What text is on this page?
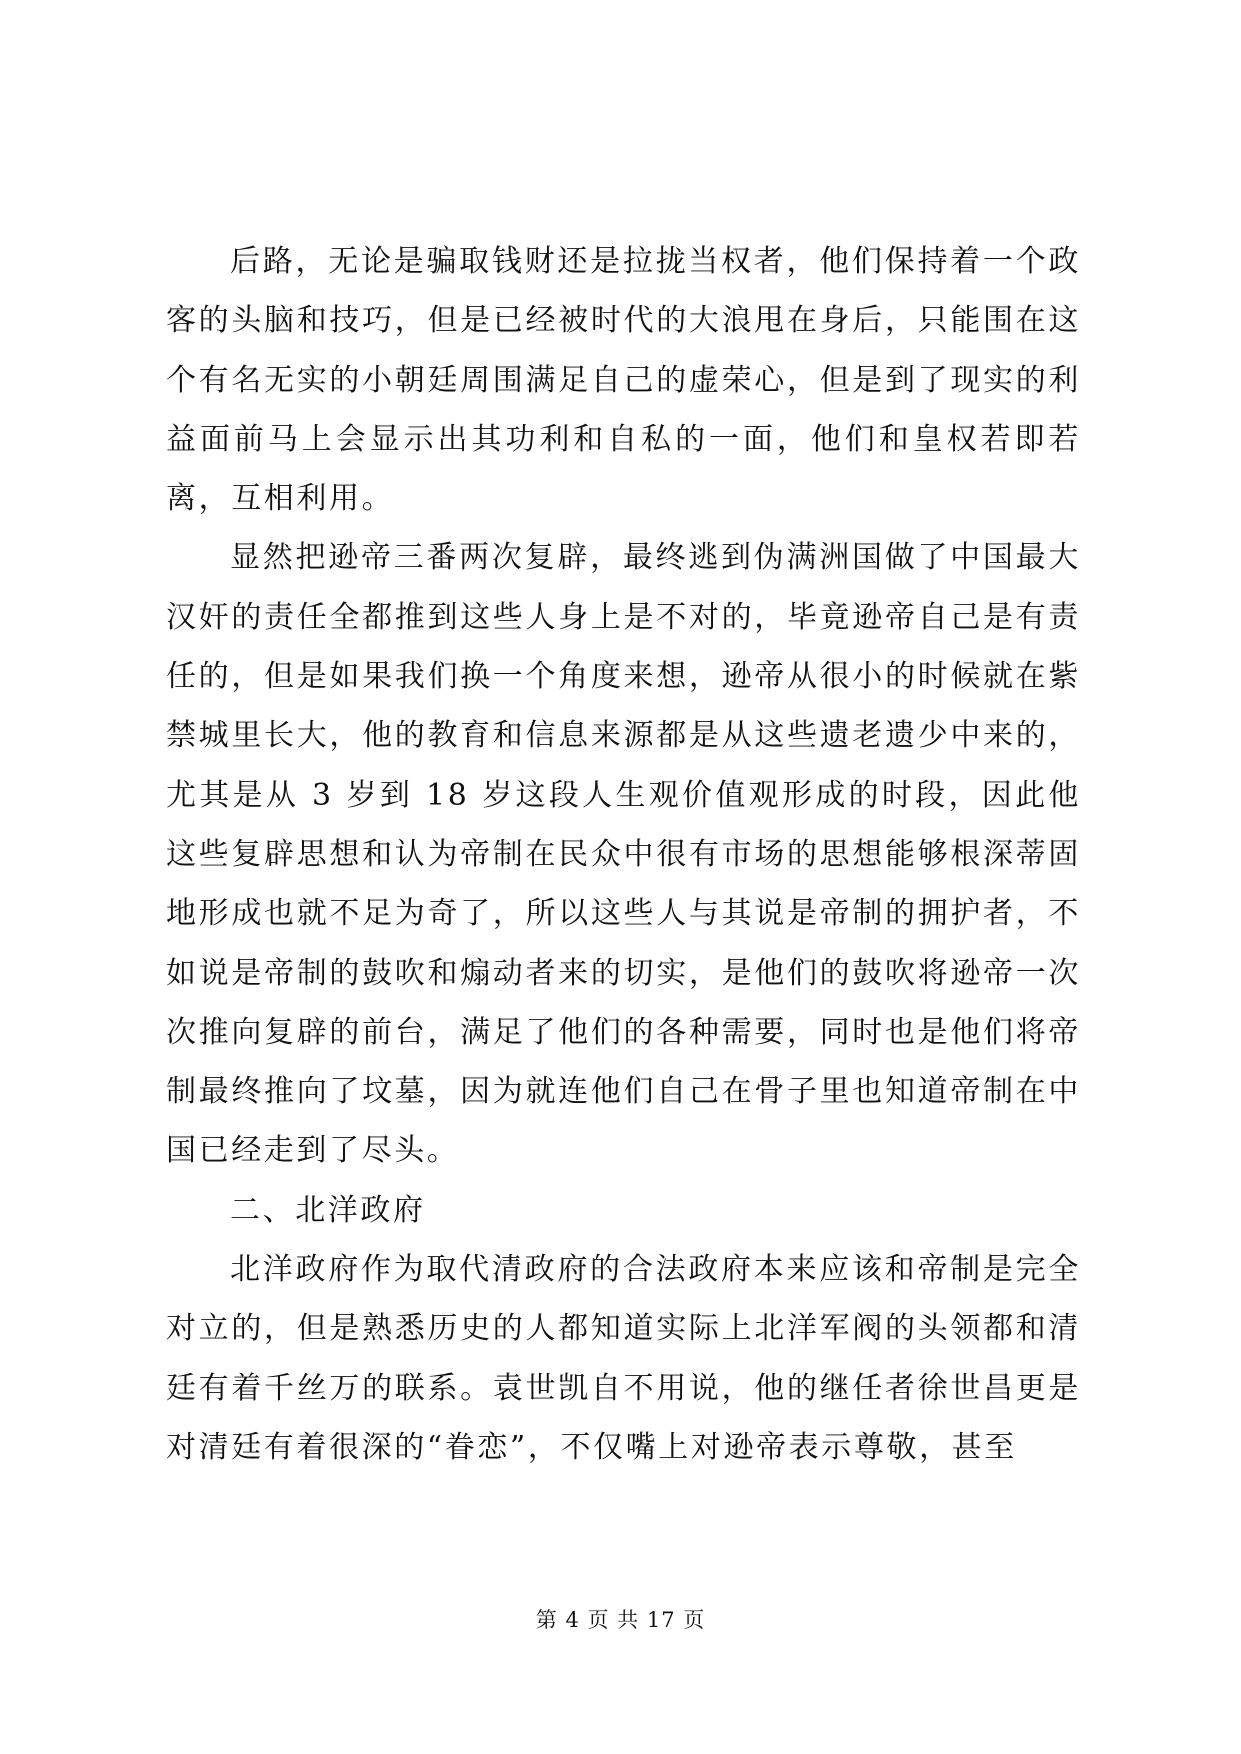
后路，无论是骗取钱财还是拉拢当权者，他们保持着一个政客的头脑和技巧，但是已经被时代的大浪甩在身后，只能围在这个有名无实的小朝廷周围满足自己的虚荣心，但是到了现实的利益面前马上会显示出其功利和自私的一面，他们和皇权若即若离，互相利用。

显然把逊帝三番两次复辟，最终逃到伪满洲国做了中国最大汉奸的责任全都推到这些人身上是不对的，毕竟逊帝自己是有责任的，但是如果我们换一个角度来想，逊帝从很小的时候就在紫禁城里长大，他的教育和信息来源都是从这些遗老遗少中来的，尤其是从 3 岁到 18 岁这段人生观价值观形成的时段，因此他这些复辟思想和认为帝制在民众中很有市场的思想能够根深蒂固地形成也就不足为奇了，所以这些人与其说是帝制的拥护者，不如说是帝制的鼓吹和煽动者来的切实，是他们的鼓吹将逊帝一次次推向复辟的前台，满足了他们的各种需要，同时也是他们将帝制最终推向了坟墓，因为就连他们自己在骨子里也知道帝制在中国已经走到了尽头。

二、北洋政府

北洋政府作为取代清政府的合法政府本来应该和帝制是完全对立的，但是熟悉历史的人都知道实际上北洋军阀的头领都和清廷有着千丝万的联系。袁世凯自不用说，他的继任者徐世昌更是对清廷有着很深的“眷恋”，不仅嘴上对逊帝表示尊敬，甚至

第 4 页 共 17 页
